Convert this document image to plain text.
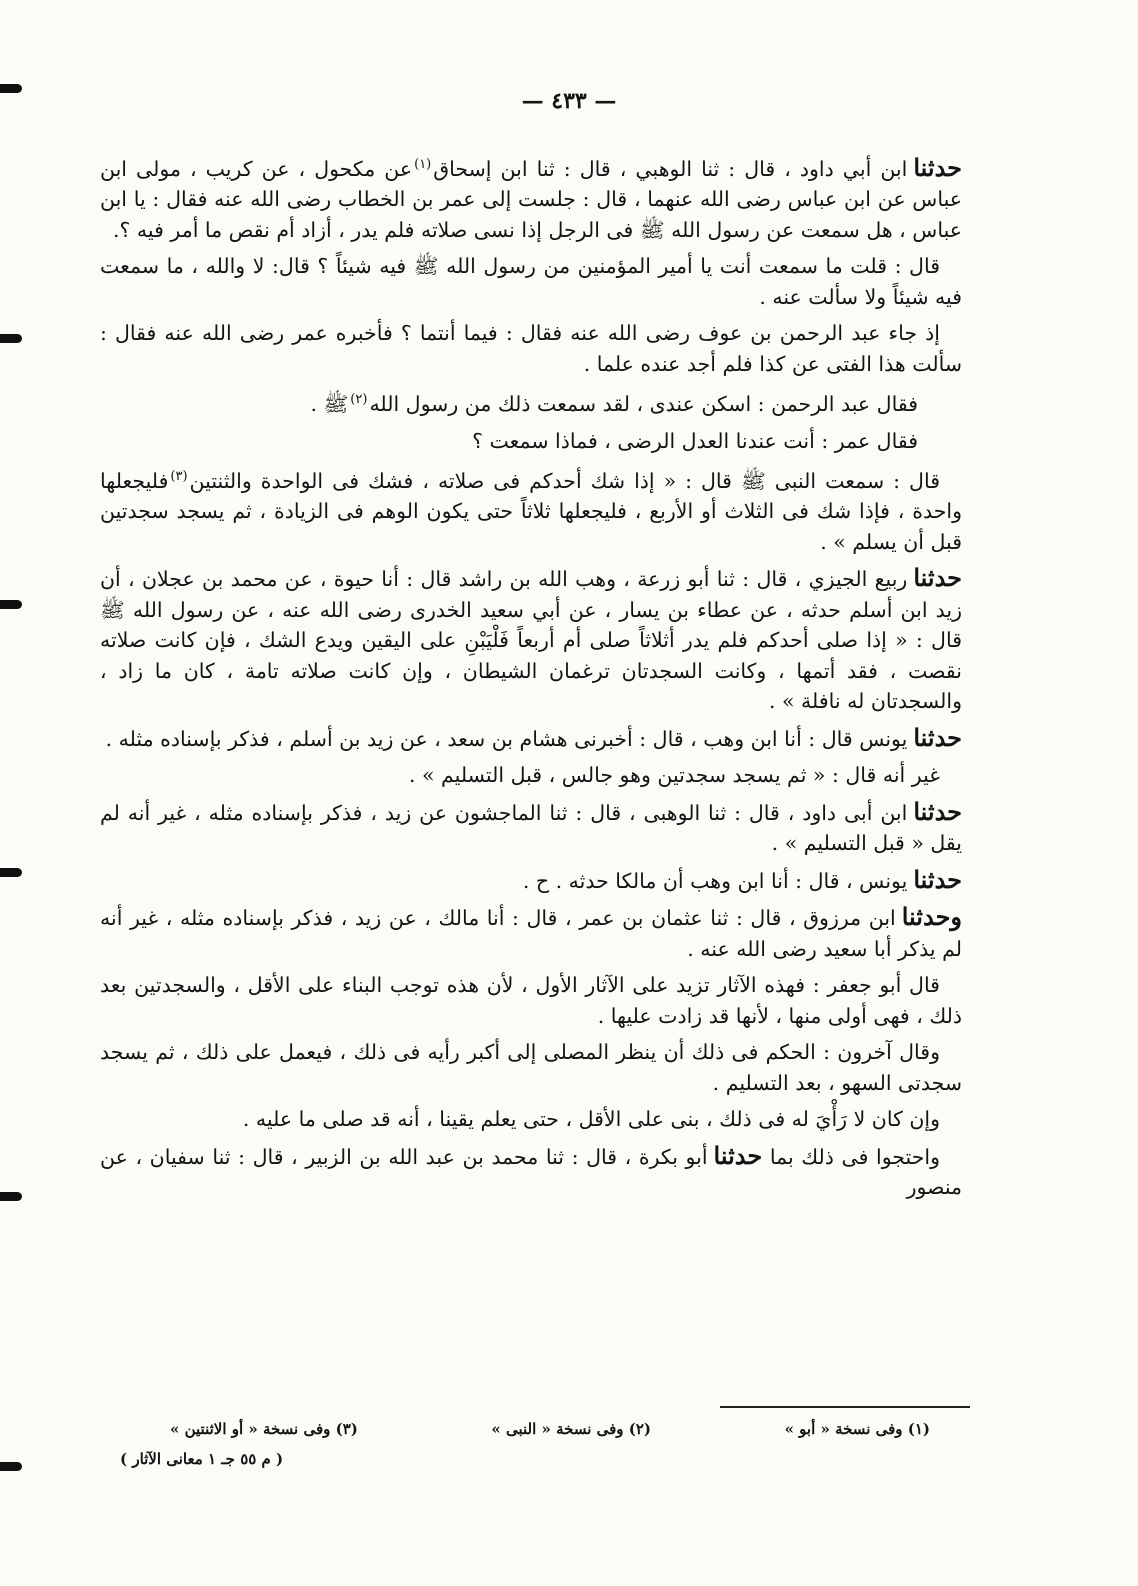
— ٤٣٣ —

حدثناابن أبي داود ، قال : ثنا الوهبي ، قال : ثنا ابن إسحاق$^{(١)}$عن مكحول ، عن كريب ، مولى ابن عباس عن ابن عباس رضى الله عنهما ، قال : جلست إلى عمر بن الخطاب رضى الله عنه فقال : يا ابن عباس ، هل سمعت عن رسول الله ﷺ فى الرجل إذا نسى صلاته فلم يدر ، أزاد أم نقص ما أمر فيه ؟.

قال : قلت ما سمعت أنت يا أمير المؤمنين من رسول الله ﷺ فيه شيئاً ؟ قال: لا والله ، ما سمعت فيه شيئاً ولا سألت عنه .

إذ جاء عبد الرحمن بن عوف رضى الله عنه فقال : فيما أنتما ؟ فأخبره عمر رضى الله عنه فقال : سألت هذا الفتى عن كذا فلم أجد عنده علما .

فقال عبد الرحمن : اسكن عندى ، لقد سمعت ذلك من رسول الله$^{(٢)}$ﷺ .

فقال عمر : أنت عندنا العدل الرضى ، فماذا سمعت ؟

قال : سمعت النبى ﷺ قال : « إذا شك أحدكم فى صلاته ، فشك فى الواحدة والثنتين$^{(٣)}$فليجعلها واحدة ، فإذا شك فى الثلاث أو الأربع ، فليجعلها ثلاثاً حتى يكون الوهم فى الزيادة ، ثم يسجد سجدتين قبل أن يسلم » .

حدثناربيع الجيزي ، قال : ثنا أبو زرعة ، وهب الله بن راشد قال : أنا حيوة ، عن محمد بن عجلان ، أن زيد ابن أسلم حدثه ، عن عطاء بن يسار ، عن أبي سعيد الخدرى رضى الله عنه ، عن رسول الله ﷺ قال : « إذا صلى أحدكم فلم يدر أثلاثاً صلى أم أربعاً فَلْيَبْنِ على اليقين ويدع الشك ، فإن كانت صلاته نقصت ، فقد أتمها ، وكانت السجدتان ترغمان الشيطان ، وإن كانت صلاته تامة ، كان ما زاد ، والسجدتان له نافلة » .

حدثنايونس قال : أنا ابن وهب ، قال : أخبرنى هشام بن سعد ، عن زيد بن أسلم ، فذكر بإسناده مثله .

غير أنه قال : « ثم يسجد سجدتين وهو جالس ، قبل التسليم » .

حدثناابن أبى داود ، قال : ثنا الوهبى ، قال : ثنا الماجشون عن زيد ، فذكر بإسناده مثله ، غير أنه لم يقل « قبل التسليم » .

حدثنايونس ، قال : أنا ابن وهب أن مالكا حدثه . ح .

وحدثناابن مرزوق ، قال : ثنا عثمان بن عمر ، قال : أنا مالك ، عن زيد ، فذكر بإسناده مثله ، غير أنه لم يذكر أبا سعيد رضى الله عنه .

قال أبو جعفر : فهذه الآثار تزيد على الآثار الأول ، لأن هذه توجب البناء على الأقل ، والسجدتين بعد ذلك ، فهى أولى منها ، لأنها قد زادت عليها .

وقال آخرون : الحكم فى ذلك أن ينظر المصلى إلى أكبر رأيه فى ذلك ، فيعمل على ذلك ، ثم يسجد سجدتى السهو ، بعد التسليم .

وإن كان لا رَأْيَ له فى ذلك ، بنى على الأقل ، حتى يعلم يقينا ، أنه قد صلى ما عليه .

واحتجوا فى ذلك بما حدثناأبو بكرة ، قال : ثنا محمد بن عبد الله بن الزبير ، قال : ثنا سفيان ، عن منصور

(١) وفى نسخة « أبو »
(٢) وفى نسخة « النبى »
(٣) وفى نسخة « أو الاثنتين »
( م ٥٥ جـ ١ معانى الآثار )
